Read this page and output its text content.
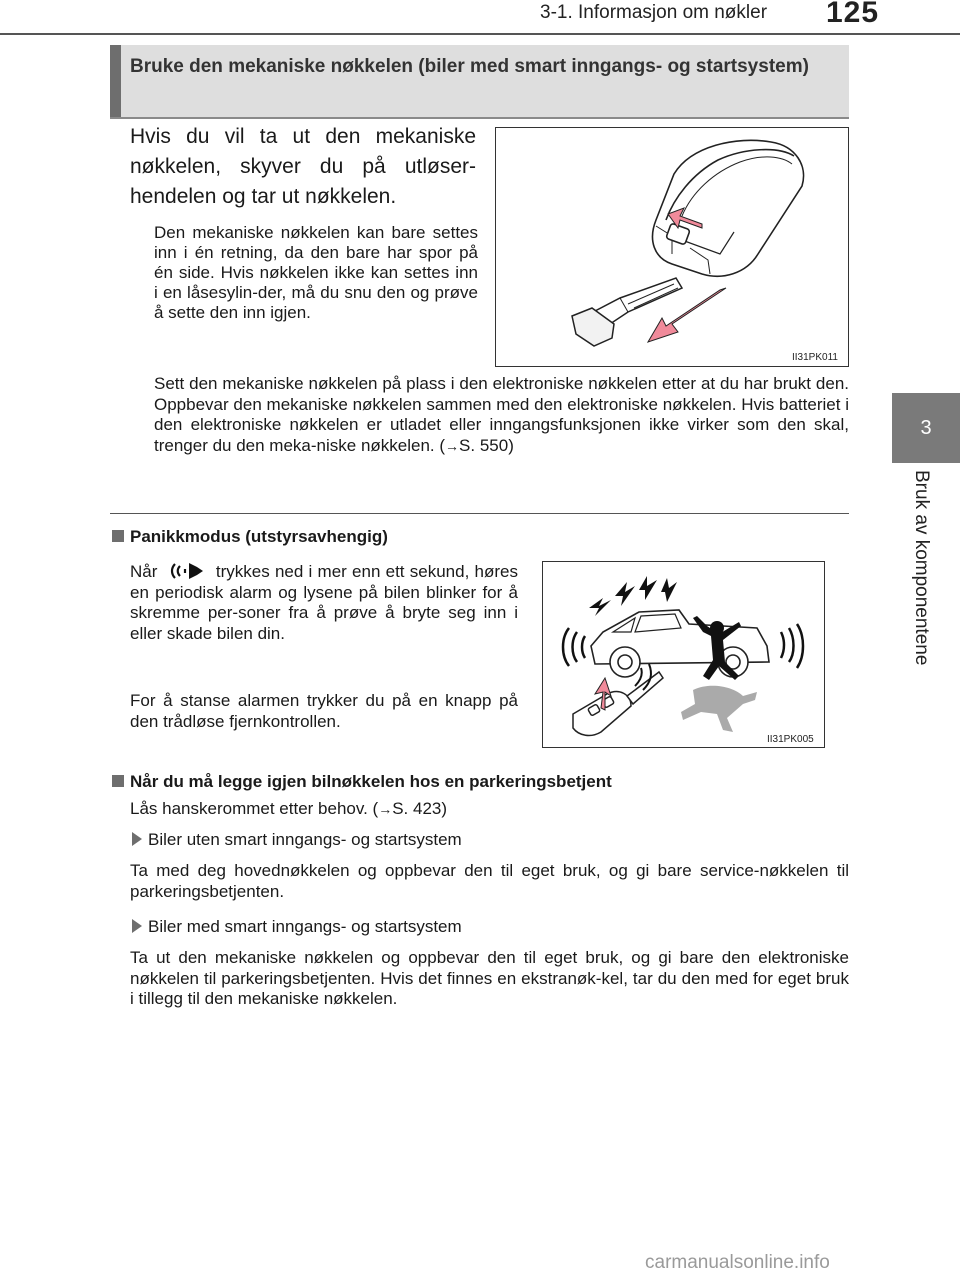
3-1. Informasjon om nøkler 125
3
Bruk av komponentene
Bruke den mekaniske nøkkelen (biler med smart inngangs- og startsystem)
Hvis du vil ta ut den mekaniske nøkkelen, skyver du på utløser-hendelen og tar ut nøkkelen.
Den mekaniske nøkkelen kan bare settes inn i én retning, da den bare har spor på én side. Hvis nøkkelen ikke kan settes inn i en låsesylin-der, må du snu den og prøve å sette den inn igjen.
II31PK011
Sett den mekaniske nøkkelen på plass i den elektroniske nøkkelen etter at du har brukt den. Oppbevar den mekaniske nøkkelen sammen med den elektroniske nøkkelen. Hvis batteriet i den elektroniske nøkkelen er utladet eller inngangsfunksjonen ikke virker som den skal, trenger du den meka-niske nøkkelen. (→S. 550)
Panikkmodus (utstyrsavhengig)
Når	trykkes ned i mer enn ett sekund, høres en periodisk alarm og lysene på bilen blinker for å skremme per-soner fra å prøve å bryte seg inn i eller skade bilen din.
For å stanse alarmen trykker du på en knapp på den trådløse fjernkontrollen.
II31PK005
Når du må legge igjen bilnøkkelen hos en parkeringsbetjent
Lås hanskerommet etter behov. (→S. 423)
Biler uten smart inngangs- og startsystem
Ta med deg hovednøkkelen og oppbevar den til eget bruk, og gi bare service-nøkkelen til parkeringsbetjenten.
Biler med smart inngangs- og startsystem
Ta ut den mekaniske nøkkelen og oppbevar den til eget bruk, og gi bare den elektroniske nøkkelen til parkeringsbetjenten. Hvis det finnes en ekstranøk-kel, tar du den med for eget bruk i tillegg til den mekaniske nøkkelen.
carmanualsonline.info
